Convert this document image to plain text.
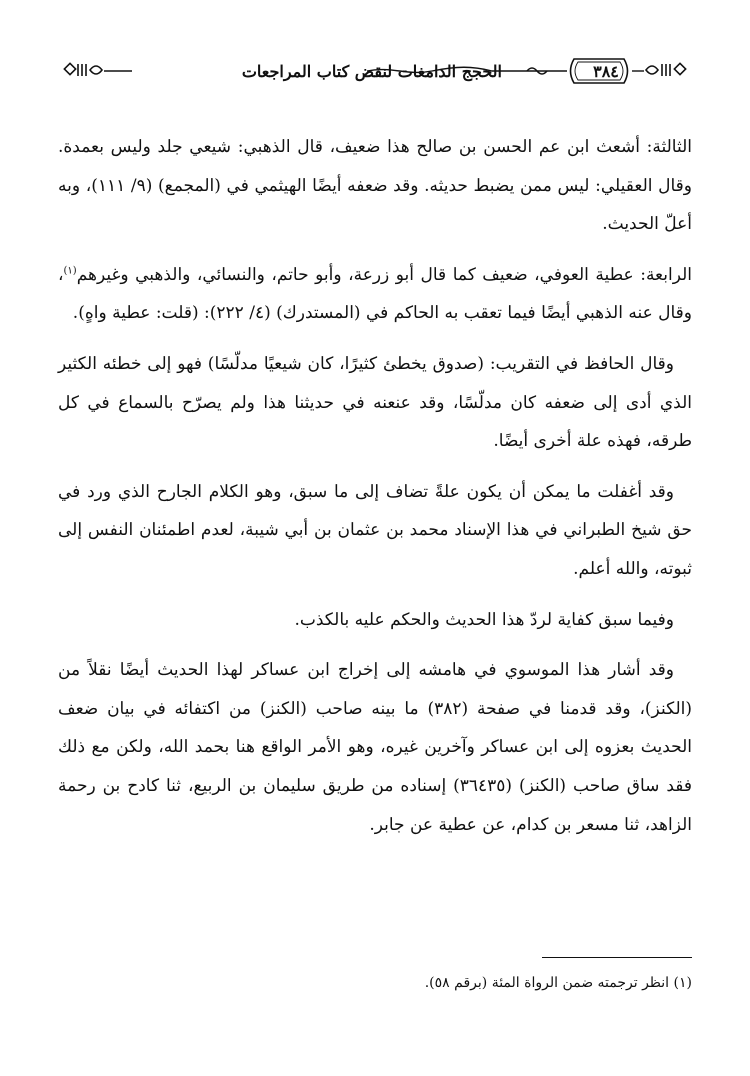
٣٨٤
الحجج الدامغات لنقض كتاب المراجعات

الثالثة: أشعث ابن عم الحسن بن صالح هذا ضعيف، قال الذهبي: شيعي جلد وليس بعمدة. وقال العقيلي: ليس ممن يضبط حديثه. وقد ضعفه أيضًا الهيثمي في (المجمع) (٩/ ١١١)، وبه أعلّ الحديث.

الرابعة: عطية العوفي، ضعيف كما قال أبو زرعة، وأبو حاتم، والنسائي، والذهبي وغيرهم$^{(١)}$، وقال عنه الذهبي أيضًا فيما تعقب به الحاكم في (المستدرك) (٤/ ٢٢٢): (قلت: عطية واهٍ).

وقال الحافظ في التقريب: (صدوق يخطئ كثيرًا، كان شيعيًا مدلّسًا) فهو إلى خطئه الكثير الذي أدى إلى ضعفه كان مدلّسًا، وقد عنعنه في حديثنا هذا ولم يصرّح بالسماع في كل طرقه، فهذه علة أخرى أيضًا.

وقد أغفلت ما يمكن أن يكون علةً تضاف إلى ما سبق، وهو الكلام الجارح الذي ورد في حق شيخ الطبراني في هذا الإسناد محمد بن عثمان بن أبي شيبة، لعدم اطمئنان النفس إلى ثبوته، والله أعلم.

وفيما سبق كفاية لردّ هذا الحديث والحكم عليه بالكذب.

وقد أشار هذا الموسوي في هامشه إلى إخراج ابن عساكر لهذا الحديث أيضًا نقلاً من (الكنز)، وقد قدمنا في صفحة (٣٨٢) ما بينه صاحب (الكنز) من اكتفائه في بيان ضعف الحديث بعزوه إلى ابن عساكر وآخرين غيره، وهو الأمر الواقع هنا بحمد الله، ولكن مع ذلك فقد ساق صاحب (الكنز) (٣٦٤٣٥) إسناده من طريق سليمان بن الربيع، ثنا كادح بن رحمة الزاهد، ثنا مسعر بن كدام، عن عطية عن جابر.

(١) انظر ترجمته ضمن الرواة المئة (برقم ٥٨).
